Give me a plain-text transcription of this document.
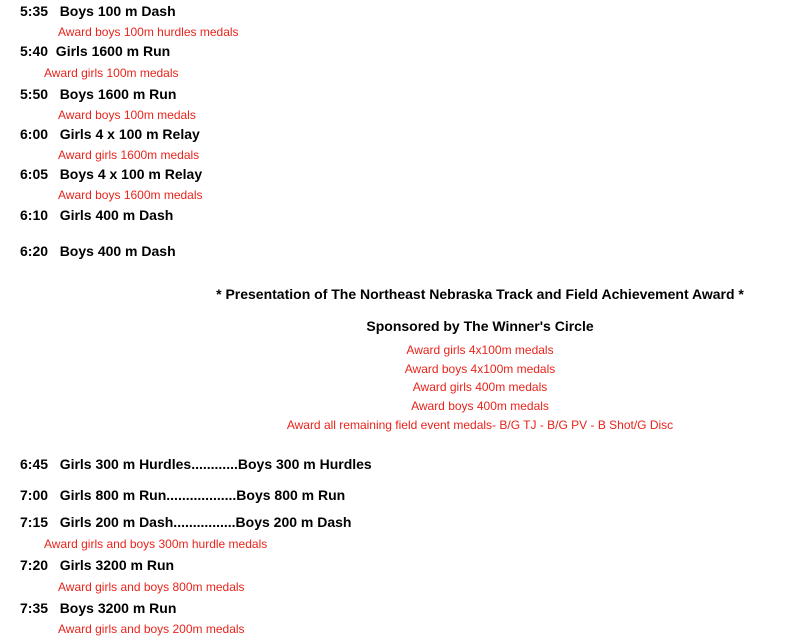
5:35   Boys 100 m Dash
Award boys 100m hurdles medals
5:40  Girls 1600 m Run
Award girls 100m medals
5:50   Boys 1600 m Run
Award boys 100m medals
6:00   Girls 4 x 100 m Relay
Award girls 1600m medals
6:05   Boys 4 x 100 m Relay
Award boys 1600m medals
6:10   Girls 400 m Dash
6:20   Boys 400 m Dash
* Presentation of The Northeast Nebraska Track and Field Achievement Award *
Sponsored by The Winner's Circle
Award girls 4x100m medals
Award boys 4x100m medals
Award girls 400m medals
Award boys 400m medals
Award all remaining field event medals- B/G TJ - B/G PV - B Shot/G Disc
6:45   Girls 300 m Hurdles............Boys 300 m Hurdles
7:00   Girls 800 m Run..................Boys 800 m Run
7:15   Girls 200 m Dash................Boys 200 m Dash
Award girls and boys 300m hurdle medals
7:20   Girls 3200 m Run
Award girls and boys 800m medals
7:35   Boys 3200 m Run
Award girls and boys 200m medals
